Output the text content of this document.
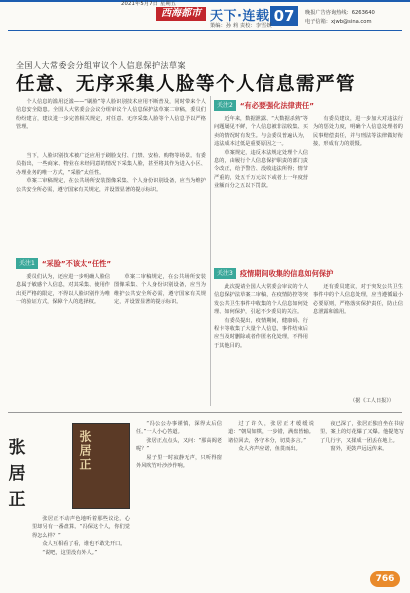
2021年5月7日 星期五
西海都市 天下·连载 07
策编：孙 莉 责校：李雪媛
晚报广告咨询热线：6263640
电子信箱：xjwb@sina.com
全国人大常委会分组审议个人信息保护法草案
任意、无序采集人脸等个人信息需严管

个人信息的滥用泛滥——“刷脸”等人脸识别技术应用不断普及，同时带来个人信息安全隐患。全国人大常委会会议分组审议个人信息保护法草案二审稿，委员们纷纷建言，建议进一步完善相关规定，对任意、无序采集人脸等个人信息予以严格管理。

当下，人脸识别技术被广泛应用于刷脸支付、门禁、安检、购物等场景。有委员指出，一些商家、物业在未经同意的情况下采集人脸，甚至将其作为进入小区、办理业务的唯一方式，“采脸”太任性。

草案二审稿规定，在公共场所安装图像采集、个人身份识别设备，应当为维护公共安全所必需，遵守国家有关规定，并设置显著的提示标识。

关注2 “有必要强化法律责任”

近年来，数据泄露、“大数据杀熟”等问题屡见不鲜，个人信息被非法收集、买卖的情况时有发生。与会委员普遍认为，违法成本过低是重要原因之一。

草案规定，违反本法规定处理个人信息的，由履行个人信息保护职责的部门责令改正，给予警告、没收违法所得；情节严重的，处五千万元以下或者上一年度营业额百分之五以下罚款。

有委员建议，进一步加大对违法行为的惩处力度，明确个人信息处理者的民事赔偿责任，并与刑法等法律做好衔接，形成有力的震慑。

关注1 “采脸”不该太“任性”

委员们认为，还应进一步明确人脸信息属于敏感个人信息，对其采集、使用作出更严格的限定，不得以人脸识别作为唯一的验证方式，保障个人的选择权。

草案二审稿规定，在公共场所安装图像采集、个人身份识别设备，应当为维护公共安全所必需，遵守国家有关规定，并设置显著的提示标识。

关注3 疫情期间收集的信息如何保护

此次提请全国人大常委会审议的个人信息保护法草案二审稿，在疫情防控等突发公共卫生事件中收集的个人信息如何处理、如何保护，引起不少委员的关注。

有委员提出，疫情期间，健康码、行程卡等收集了大量个人信息，事件结束后应当及时删除或者作匿名化处理，不得用于其他目的。

还有委员建议，对于突发公共卫生事件中的个人信息处理，应当遵循最小必要原则，严格落实保护责任，防止信息泄露和滥用。

（据《工人日报》）
张居正
张居正

张居正不动声色地听着那些议论，心里却另有一番盘算。“冯保这个人，你们觉得怎么样？”

众人互相看了看，谁也不敢先开口。

“说吧，这里没有外人。”

“冯公公办事谨慎，深得太后信任。”一人小心答道。

张居正点点头，又问：“那高阁老呢？”

屋子里一时寂静无声，只听得窗外风吹竹叶沙沙作响。

过了许久，张居正才缓缓说道：“朝局如棋，一步错，满盘皆输。诸位回去，各守本分，切莫多言。”

众人齐声应诺，鱼贯而出。

夜已深了，张居正独自坐在书房里，案上的灯花爆了又爆。他提笔写了几行字，又揉成一团丢在地上。

窗外，更鼓声远远传来。

766
